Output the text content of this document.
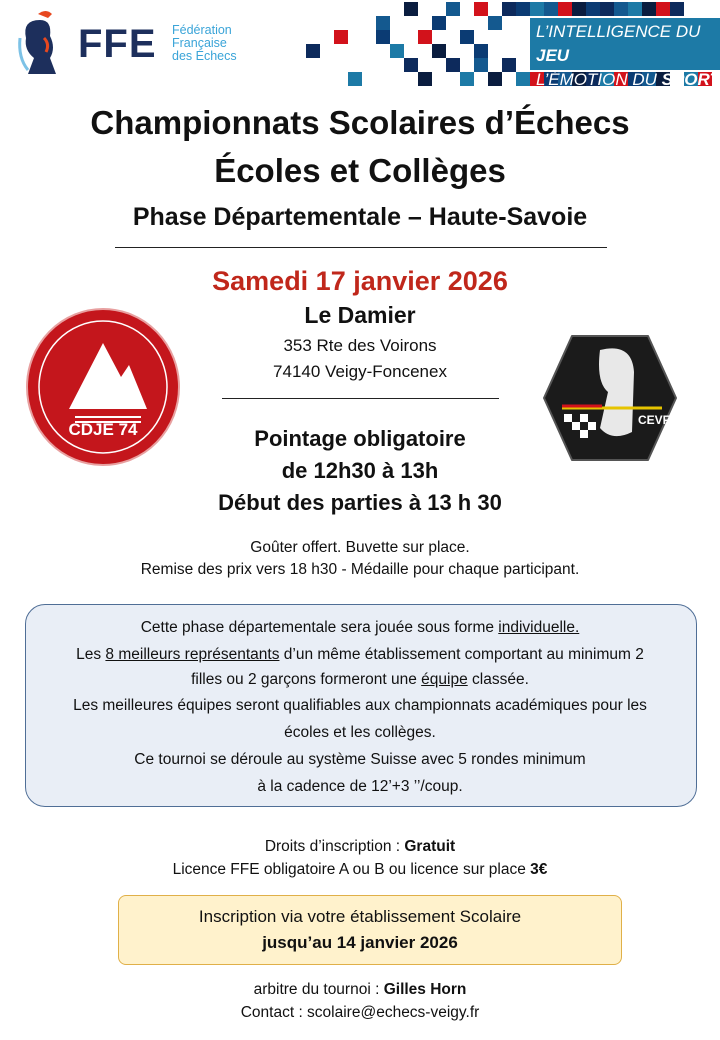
FFE Fédération
Française
des Échecs
L’INTELLIGENCE DU JEU
L’ÉMOTION DU SPORT
Championnats Scolaires d’Échecs
Écoles et Collèges
Phase Départementale – Haute-Savoie
Samedi 17 janvier 2026
Le Damier
353 Rte des Voirons
74140 Veigy-Foncenex
Pointage obligatoire
de 12h30 à 13h
Début des parties à 13 h 30
Goûter offert. Buvette sur place.
Remise des prix vers 18 h30 - Médaille pour chaque participant.
CDJE 74	CEVF
Cette phase départementale sera jouée sous forme individuelle.
Les 8 meilleurs représentants d’un même établissement comportant au minimum 2
filles ou 2 garçons formeront une équipe classée.
Les meilleures équipes seront qualifiables aux championnats académiques pour les
écoles et les collèges.
Ce tournoi se déroule au système Suisse avec 5 rondes minimum
à la cadence de 12’+3 ’’/coup.
Droits d’inscription : Gratuit
Licence FFE obligatoire A ou B ou licence sur place 3€
Inscription via votre établissement Scolaire
jusqu’au 14 janvier 2026
arbitre du tournoi : Gilles Horn
Contact : scolaire@echecs-veigy.fr
